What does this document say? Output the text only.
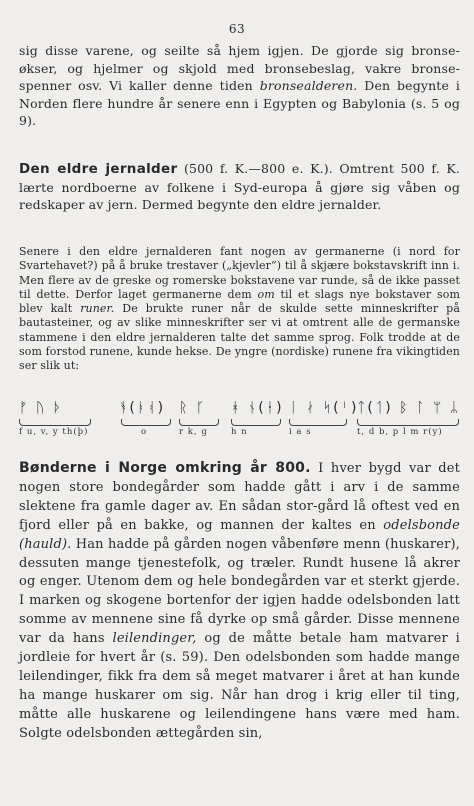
63

sig disse varene, og seilte så hjem igjen. De gjorde sig bronse-økser, og hjelmer og skjold med bronsebeslag, vakre bronse-spenner osv. Vi kaller denne tiden bronsealderen. Den begynte i Norden flere hundre år senere enn i Egypten og Babylonia (s. 5 og 9).

Den eldre jernalder (500 f. K.—800 e. K.). Omtrent 500 f. K. lærte nordboerne av folkene i Syd-europa å gjøre sig våben og redskaper av jern. Dermed begynte den eldre jernalder.

Senere i den eldre jernalderen fant nogen av germanerne (i nord for Svartehavet?) på å bruke trestaver („kjevler“) til å skjære bokstavskrift inn i. Men flere av de greske og romerske bokstavene var runde, så de ikke passet til dette. Derfor laget germanerne dem om til et slags nye bokstaver som blev kalt runer. De brukte runer når de skulde sette minneskrifter på bautasteiner, og av slike minneskrifter ser vi at omtrent alle de germanske stammene i den eldre jernalderen talte det samme sprog. Folk trodde at de som forstod runene, kunde hekse. De yngre (nordiske) runene fra vikingtiden ser slik ut:

ᚠ ᚢ ᚦ
f u, v, y th(þ)
ᚬ(ᚭᚮ)
o
ᚱ ᚴ
r k, g
ᚼ ᚾ(ᚽ)
h n
ᛁ ᛅ ᛋ(ᛌ)
i a s
ᛏ(ᛐ) ᛒ ᛚ ᛘ ᛦ
t, d b, p l m r(y)

Bønderne i Norge omkring år 800. I hver bygd var det nogen store bondegårder som hadde gått i arv i de samme slektene fra gamle dager av. En sådan stor-gård lå oftest ved en fjord eller på en bakke, og mannen der kaltes en odelsbonde (hauld). Han hadde på gården nogen våbenføre menn (huskarer), dessuten mange tjenestefolk, og træler. Rundt husene lå akrer og enger. Utenom dem og hele bondegården var et sterkt gjerde. I marken og skogene bortenfor der igjen hadde odelsbonden latt somme av mennene sine få dyrke op små gårder. Disse mennene var da hans leilendinger, og de måtte betale ham matvarer i jordleie for hvert år (s. 59). Den odelsbonden som hadde mange leilendinger, fikk fra dem så meget matvarer i året at han kunde ha mange huskarer om sig. Når han drog i krig eller til ting, måtte alle huskarene og leilendingene hans være med ham. Solgte odelsbonden ættegården sin,
